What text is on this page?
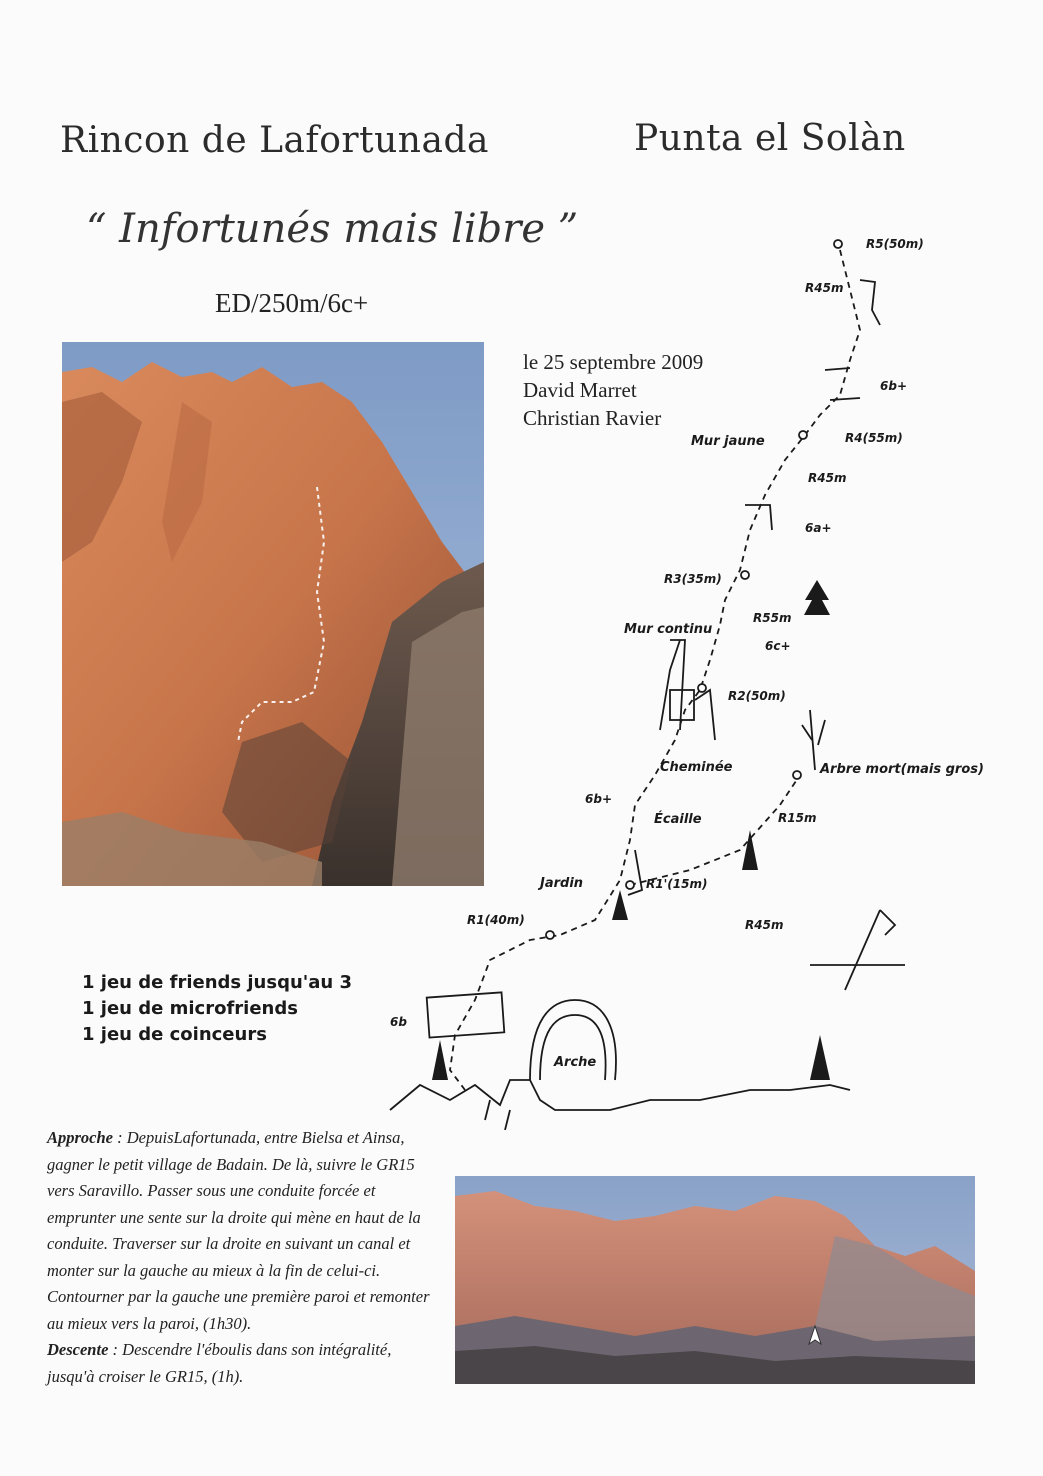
Rincon de Lafortunada	Punta el Solàn
“ Infortunés mais libre ”
ED/250m/6c+
le 25 septembre 2009
David Marret
Christian Ravier
R5(50m)
R45m
6b+
Mur jaune	R4(55m)
R45m
6a+
R3(35m)
R55m
Mur continu
6c+
R2(50m)
Cheminée	Arbre mort(mais gros)
6b+
Écaille	R15m
Jardin	R1'(15m)
R1(40m)	R45m
6b
Arche
1 jeu de friends jusqu'au 3
1 jeu de microfriends
1 jeu de coinceurs
Approche : DepuisLafortunada, entre Bielsa et Ainsa, gagner le petit village de Badain. De là, suivre le GR15 vers Saravillo. Passer sous une conduite forcée et emprunter une sente sur la droite qui mène en haut de la conduite. Traverser sur la droite en suivant un canal et monter sur la gauche au mieux à la fin de celui-ci. Contourner par la gauche une première paroi et remonter au mieux vers la paroi, (1h30).
Descente : Descendre l'éboulis dans son intégralité, jusqu'à croiser le GR15, (1h).
